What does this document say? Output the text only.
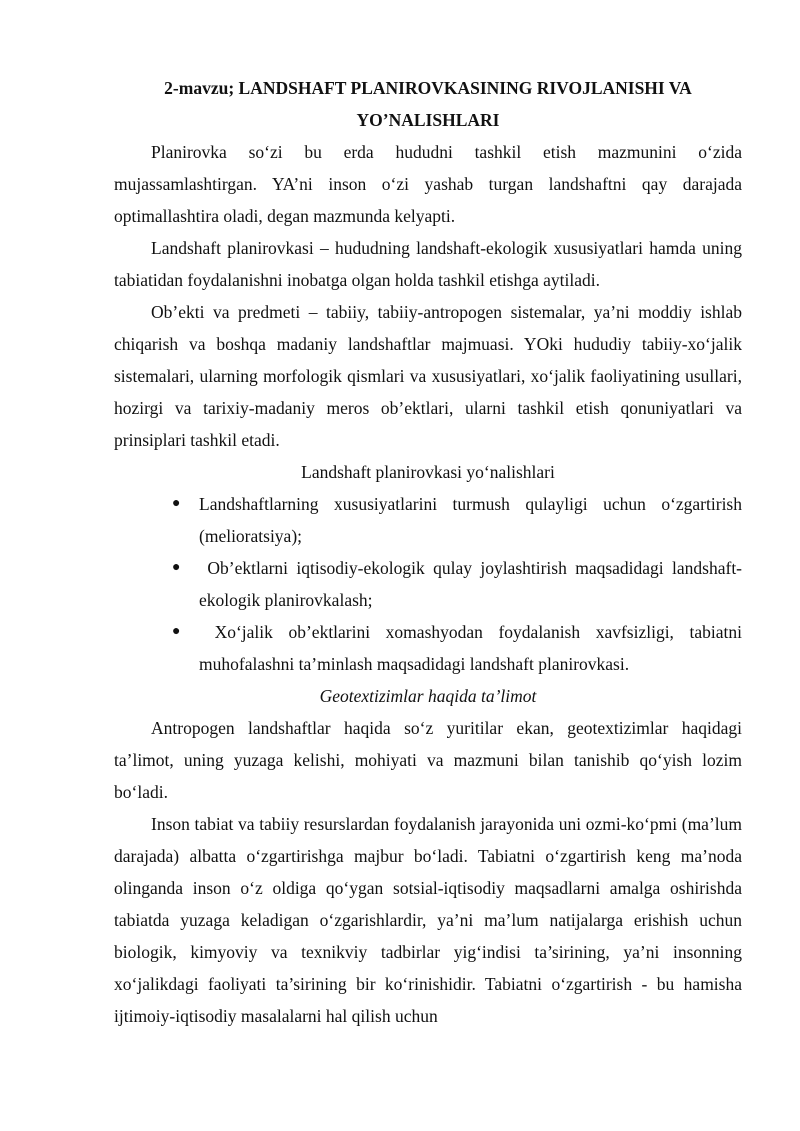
2-mavzu; LANDSHAFT PLANIROVKASINING RIVOJLANISHI VA
YO’NALISHLARI

Planirovka so‘zi bu erda hududni tashkil etish mazmunini o‘zida mujassamlashtirgan. YA’ni inson o‘zi yashab turgan landshaftni qay darajada optimallashtira oladi, degan mazmunda kelyapti.

Landshaft planirovkasi – hududning landshaft-ekologik xususiyatlari hamda uning tabiatidan foydalanishni inobatga olgan holda tashkil etishga aytiladi.

Ob’ekti va predmeti – tabiiy, tabiiy-antropogen sistemalar, ya’ni moddiy ishlab chiqarish va boshqa madaniy landshaftlar majmuasi. YOki hududiy tabiiy-xo‘jalik sistemalari, ularning morfologik qismlari va xususiyatlari, xo‘jalik faoliyatining usullari, hozirgi va tarixiy-madaniy meros ob’ektlari, ularni tashkil etish qonuniyatlari va prinsiplari tashkil etadi.

Landshaft planirovkasi yo‘nalishlari
● Landshaftlarning xususiyatlarini turmush qulayligi uchun o‘zgartirish (melioratsiya);
● Ob’ektlarni iqtisodiy-ekologik qulay joylashtirish maqsadidagi landshaft-ekologik planirovkalash;
● Xo‘jalik ob’ektlarini xomashyodan foydalanish xavfsizligi, tabiatni muhofalashni ta’minlash maqsadidagi landshaft planirovkasi.
Geotextizimlar haqida ta’limot

Antropogen landshaftlar haqida so‘z yuritilar ekan, geotextizimlar haqidagi ta’limot, uning yuzaga kelishi, mohiyati va mazmuni bilan tanishib qo‘yish lozim bo‘ladi.

Inson tabiat va tabiiy resurslardan foydalanish jarayonida uni ozmi-ko‘pmi (ma’lum darajada) albatta o‘zgartirishga majbur bo‘ladi. Tabiatni o‘zgartirish keng ma’noda olinganda inson o‘z oldiga qo‘ygan sotsial-iqtisodiy maqsadlarni amalga oshirishda tabiatda yuzaga keladigan o‘zgarishlardir, ya’ni ma’lum natijalarga erishish uchun biologik, kimyoviy va texnikviy tadbirlar yig‘indisi ta’sirining, ya’ni insonning xo‘jalikdagi faoliyati ta’sirining bir ko‘rinishidir. Tabiatni o‘zgartirish - bu hamisha ijtimoiy-iqtisodiy masalalarni hal qilish uchun
